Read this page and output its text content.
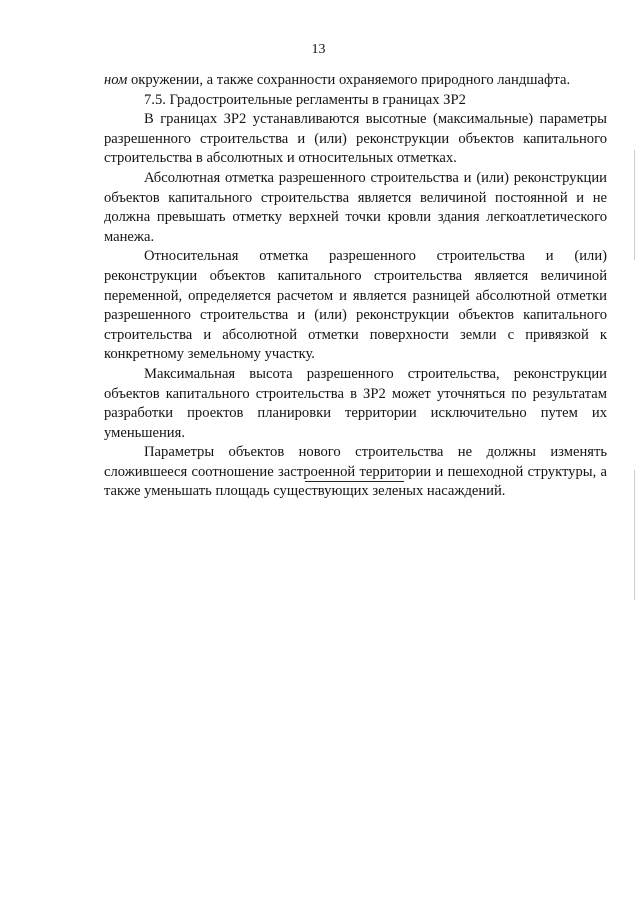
13

ном окружении, а также сохранности охраняемого природного ландшафта.

7.5. Градостроительные регламенты в границах ЗР2

В границах ЗР2 устанавливаются высотные (максимальные) параметры разрешенного строительства и (или) реконструкции объектов капитального строительства в абсолютных и относительных отметках.

Абсолютная отметка разрешенного строительства и (или) реконструкции объектов капитального строительства является величиной постоянной и не должна превышать отметку верхней точки кровли здания легкоатлетического манежа.

Относительная отметка разрешенного строительства и (или) реконструкции объектов капитального строительства является величиной переменной, определяется расчетом и является разницей абсолютной отметки разрешенного строительства и (или) реконструкции объектов капитального строительства и абсолютной отметки поверхности земли с привязкой к конкретному земельному участку.

Максимальная высота разрешенного строительства, реконструкции объектов капитального строительства в ЗР2 может уточняться по результатам разработки проектов планировки территории исключительно путем их уменьшения.

Параметры объектов нового строительства не должны изменять сложившееся соотношение застроенной территории и пешеходной структуры, а также уменьшать площадь существующих зеленых насаждений.
